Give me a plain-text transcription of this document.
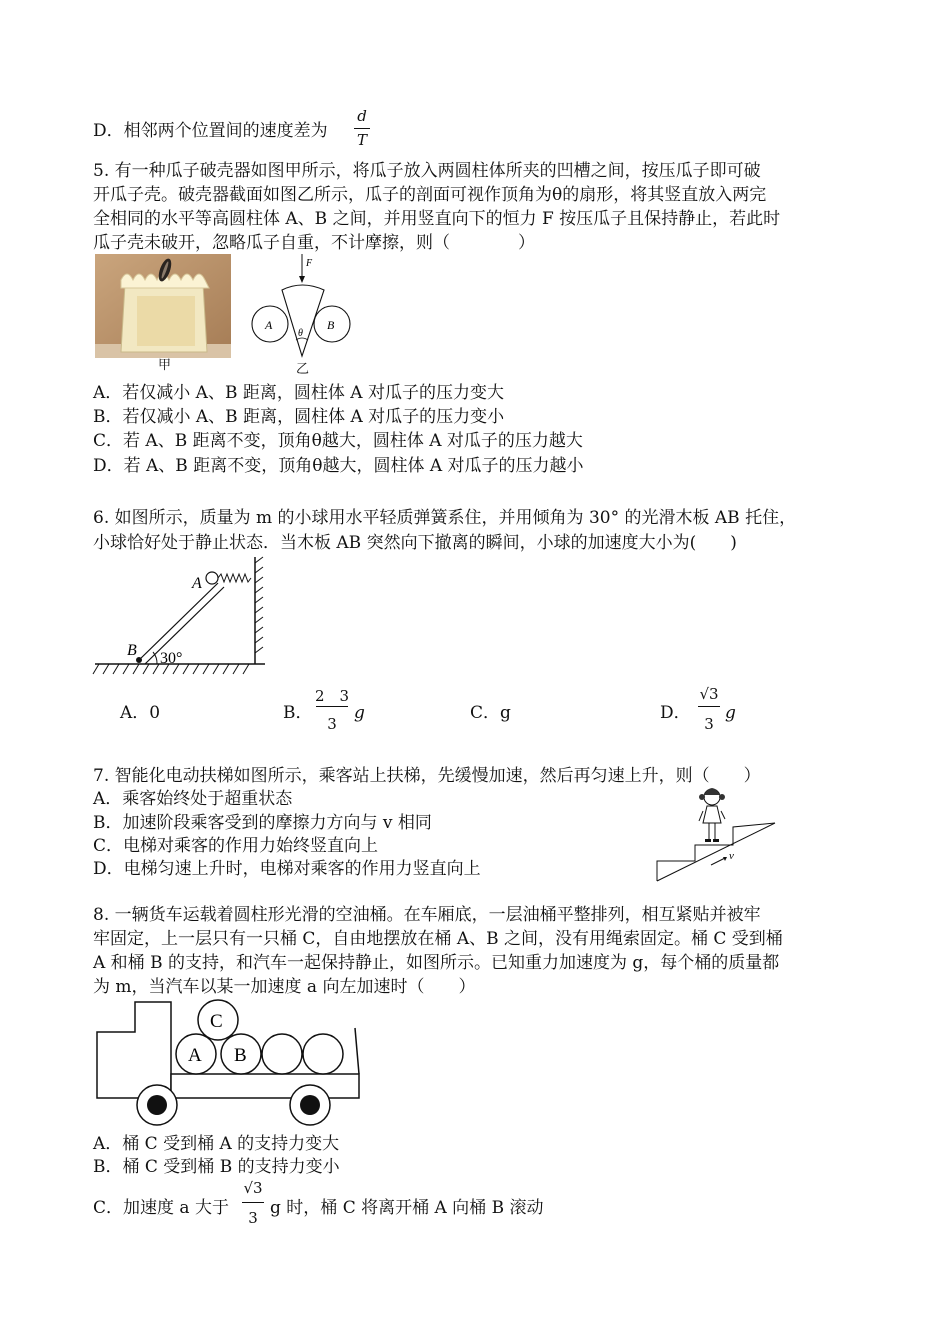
D．相邻两个位置间的速度差为
d
T
5. 有一种瓜子破壳器如图甲所示，将瓜子放入两圆柱体所夹的凹槽之间，按压瓜子即可破
开瓜子壳。破壳器截面如图乙所示，瓜子的剖面可视作顶角为θ的扇形，将其竖直放入两完
全相同的水平等高圆柱体 A、B 之间，并用竖直向下的恒力 F 按压瓜子且保持静止，若此时
瓜子壳未破开，忽略瓜子自重，不计摩擦，则（　　　　）
甲
F
A	B
θ
乙
A．若仅减小 A、B 距离，圆柱体 A 对瓜子的压力变大
B．若仅减小 A、B 距离，圆柱体 A 对瓜子的压力变小
C．若 A、B 距离不变，顶角θ越大，圆柱体 A 对瓜子的压力越大
D．若 A、B 距离不变，顶角θ越大，圆柱体 A 对瓜子的压力越小
6. 如图所示，质量为 m 的小球用水平轻质弹簧系住，并用倾角为 30° 的光滑木板 AB 托住，
小球恰好处于静止状态．当木板 AB 突然向下撤离的瞬间，小球的加速度大小为(　　)
A
B 30°
A．0	B．
2　3
3
g	C．g	D．
√3
3
g
7. 智能化电动扶梯如图所示，乘客站上扶梯，先缓慢加速，然后再匀速上升，则（　　）
A．乘客始终处于超重状态
B．加速阶段乘客受到的摩擦力方向与 v 相同
C．电梯对乘客的作用力始终竖直向上
D．电梯匀速上升时，电梯对乘客的作用力竖直向上
v
8. 一辆货车运载着圆柱形光滑的空油桶。在车厢底，一层油桶平整排列，相互紧贴并被牢
牢固定，上一层只有一只桶 C，自由地摆放在桶 A、B 之间，没有用绳索固定。桶 C 受到桶
A 和桶 B 的支持，和汽车一起保持静止，如图所示。已知重力加速度为 g，每个桶的质量都
为 m，当汽车以某一加速度 a 向左加速时（　　）
A B
C
A．桶 C 受到桶 A 的支持力变大
B．桶 C 受到桶 B 的支持力变小
C．加速度 a 大于
√3
3 g 时，桶 C 将离开桶 A 向桶 B 滚动
